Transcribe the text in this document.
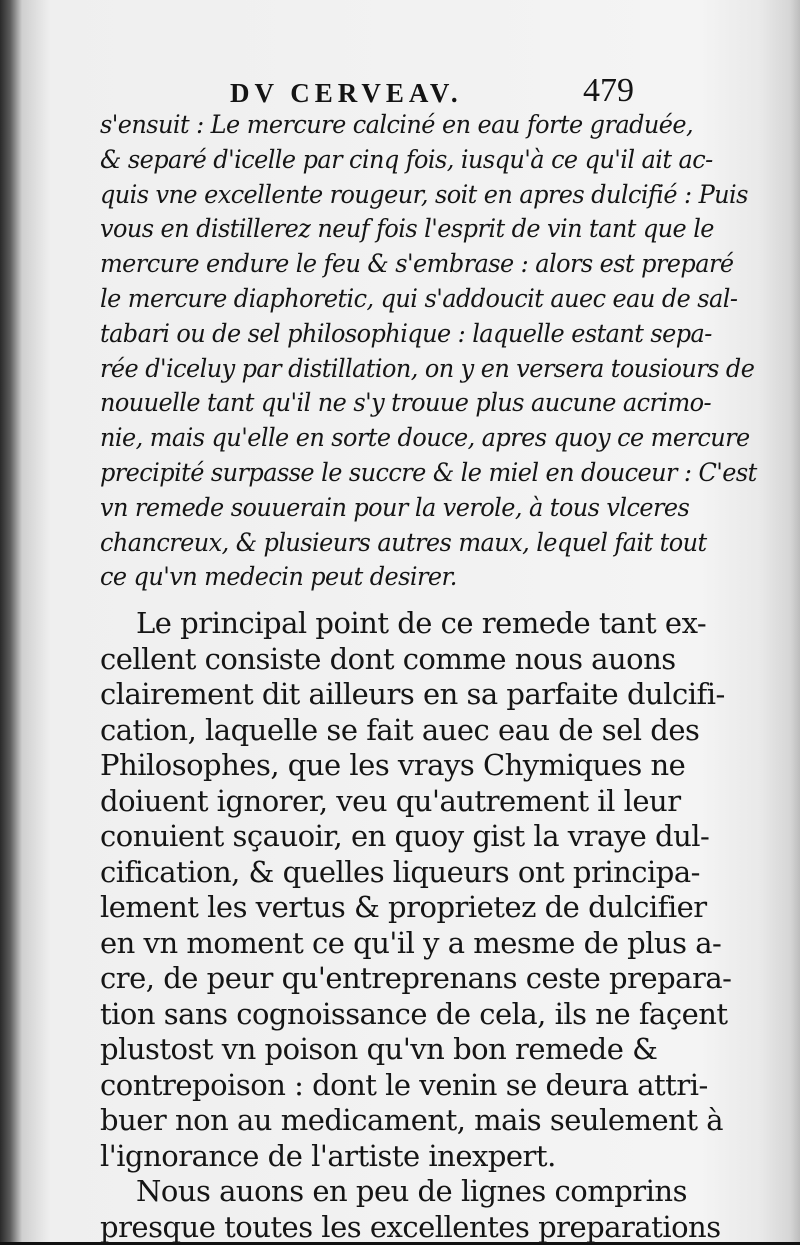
DV CERVEAV.	479
s'ensuit : Le mercure calciné en eau forte graduée,
& separé d'icelle par cinq fois, iusqu'à ce qu'il ait ac-
quis vne excellente rougeur, soit en apres dulcifié : Puis
vous en distillerez neuf fois l'esprit de vin tant que le
mercure endure le feu & s'embrase : alors est preparé
le mercure diaphoretic, qui s'addoucit auec eau de sal-
tabari ou de sel philosophique : laquelle estant sepa-
rée d'iceluy par distillation, on y en versera tousiours de
nouuelle tant qu'il ne s'y trouue plus aucune acrimo-
nie, mais qu'elle en sorte douce, apres quoy ce mercure
precipité surpasse le succre & le miel en douceur : C'est
vn remede souuerain pour la verole, à tous vlceres
chancreux, & plusieurs autres maux, lequel fait tout
ce qu'vn medecin peut desirer.
Le principal point de ce remede tant ex-
cellent consiste dont comme nous auons
clairement dit ailleurs en sa parfaite dulcifi-
cation, laquelle se fait auec eau de sel des
Philosophes, que les vrays Chymiques ne
doiuent ignorer, veu qu'autrement il leur
conuient sçauoir, en quoy gist la vraye dul-
cification, & quelles liqueurs ont principa-
lement les vertus & proprietez de dulcifier
en vn moment ce qu'il y a mesme de plus a-
cre, de peur qu'entreprenans ceste prepara-
tion sans cognoissance de cela, ils ne façent
plustost vn poison qu'vn bon remede &
contrepoison : dont le venin se deura attri-
buer non au medicament, mais seulement à
l'ignorance de l'artiste inexpert.
Nous auons en peu de lignes comprins
presque toutes les excellentes preparations
